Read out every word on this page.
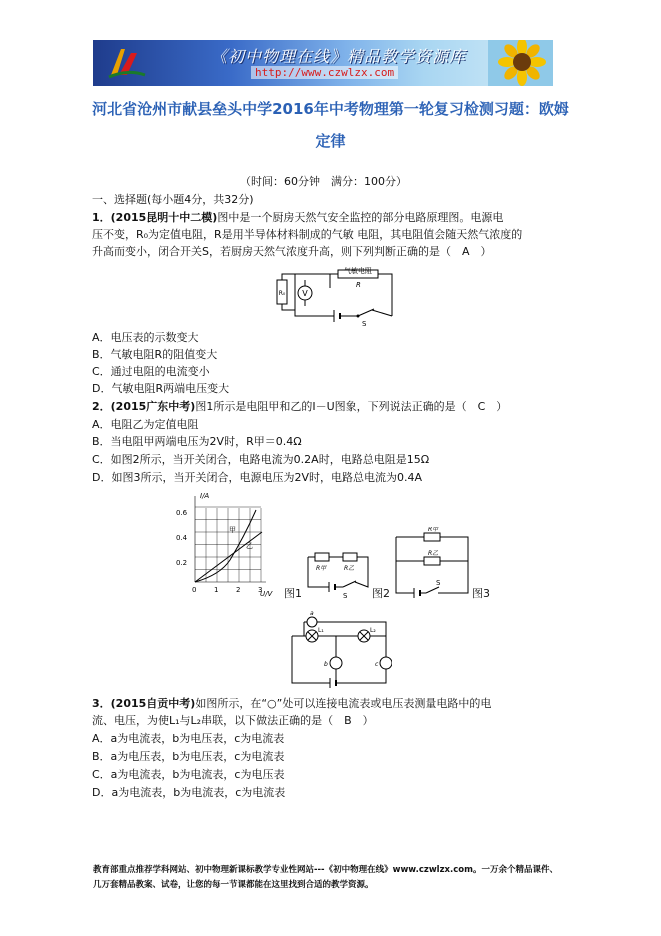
《初中物理在线》精品教学资源库
http://www.czwlzx.com
河北省沧州市献县垒头中学2016年中考物理第一轮复习检测习题：欧姆
定律
（时间：60分钟　满分：100分）
一、选择题(每小题4分，共32分)
1．(2015昆明十中二模)图中是一个厨房天然气安全监控的部分电路原理图。电源电
压不变，R₀为定值电阻，R是用半导体材料制成的气敏 电阻，其电阻值会随天然气浓度的
升高而变小，闭合开关S，若厨房天然气浓度升高，则下列判断正确的是（　A　）
R₀ V
气敏电阻
R
S
A．电压表的示数变大
B．气敏电阻R的阻值变大
C．通过电阻的电流变小
D．气敏电阻R两端电压变大
2．(2015广东中考)图1所示是电阻甲和乙的I－U图象，下列说法正确的是（　C　）
A．电阻乙为定值电阻
B．当电阻甲两端电压为2V时，R甲＝0.4Ω
C．如图2所示，当开关闭合，电路电流为0.2A时，电路总电阻是15Ω
D．如图3所示，当开关闭合，电源电压为2V时，电路总电流为0.4A
I/A
U/V
0.6
0.4
0.2
0	1	2	3
甲
乙
图1
R甲	R乙
S 图2
R甲
R乙
S
图3
a
L₁	L₂
b	c
3．(2015自贡中考)如图所示，在“○”处可以连接电流表或电压表测量电路中的电
流、电压，为使L₁与L₂串联，以下做法正确的是（　B　）
A．a为电流表，b为电压表，c为电流表
B．a为电压表，b为电压表，c为电流表
C．a为电流表，b为电流表，c为电压表
D．a为电流表，b为电流表，c为电流表
教育部重点推荐学科网站、初中物理新课标教学专业性网站---《初中物理在线》www.czwlzx.com。一万余个精品课件、
几万套精品教案、试卷，让您的每一节课都能在这里找到合适的教学资源。
